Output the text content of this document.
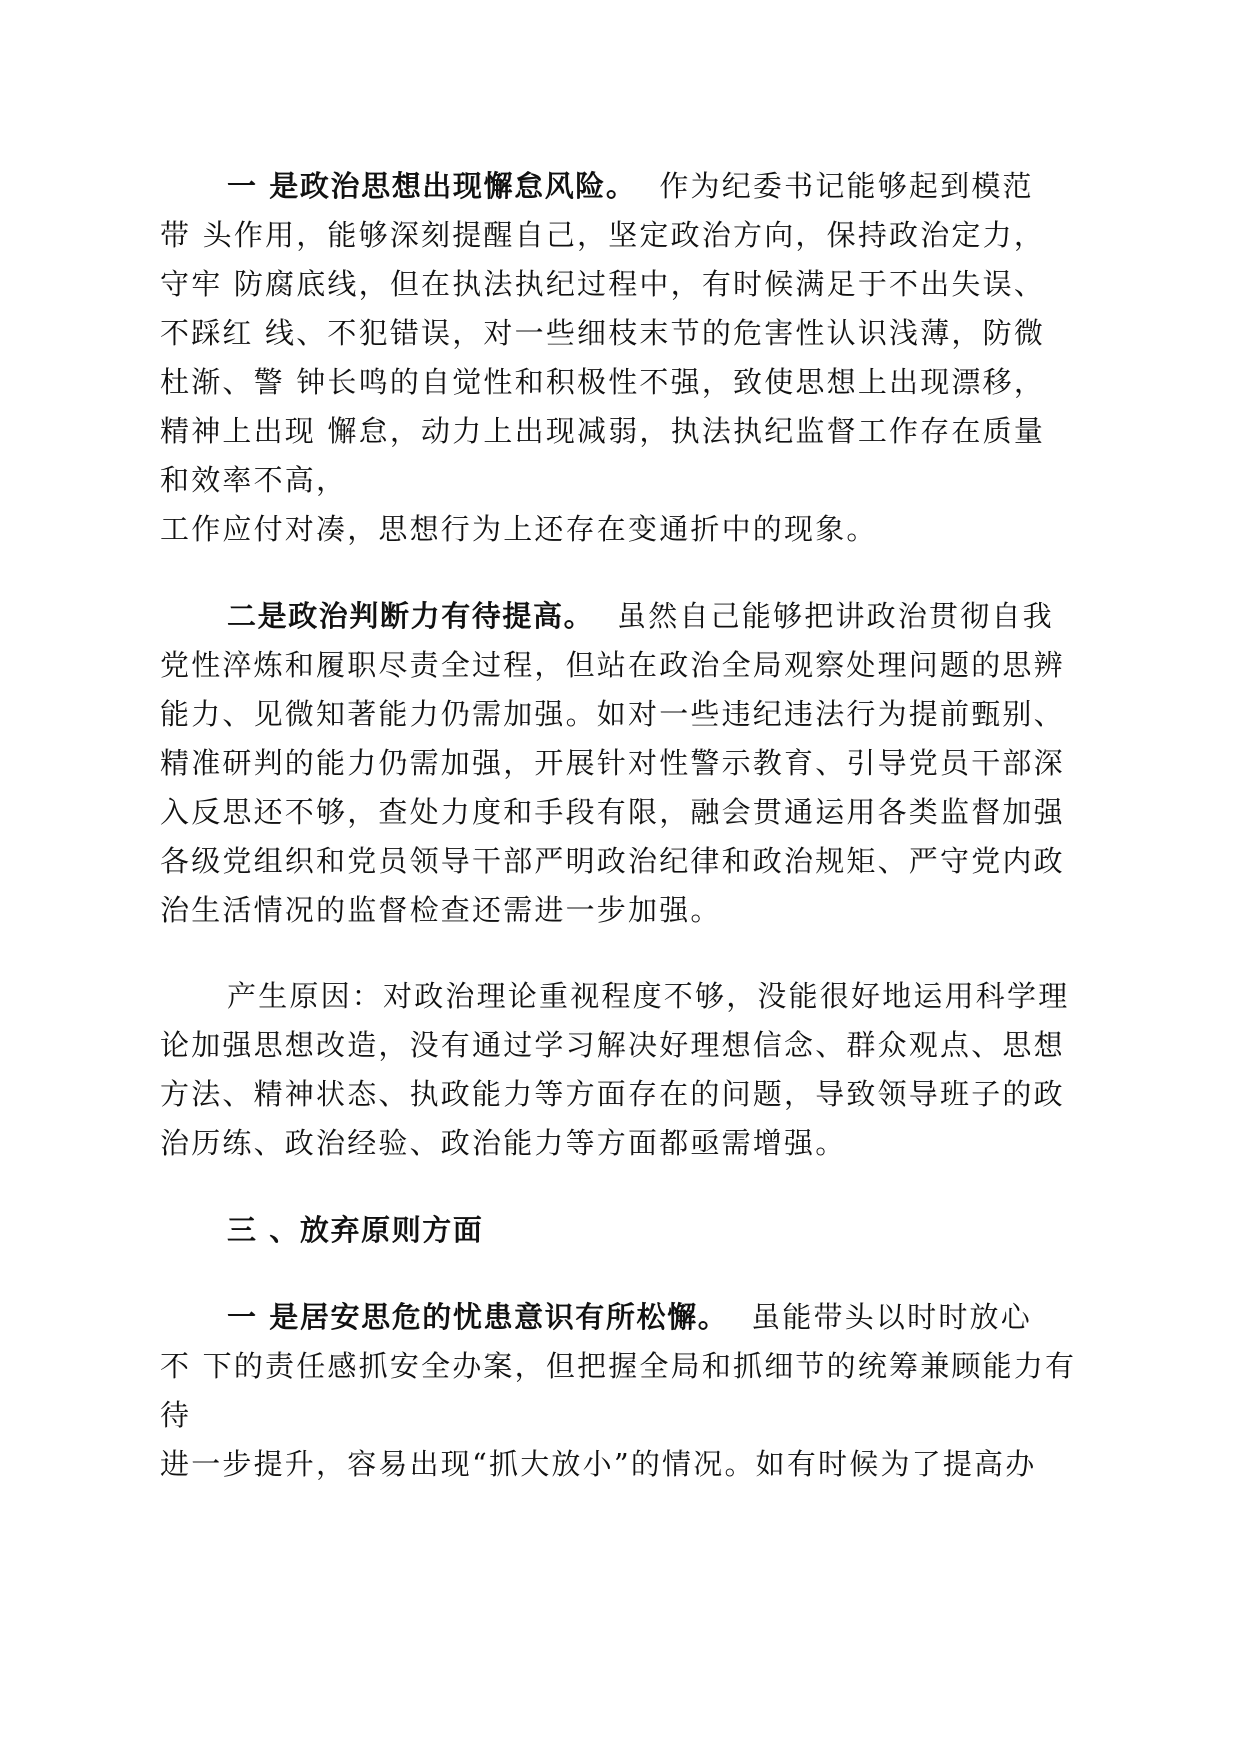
一 是政治思想出现懈怠风险。  作为纪委书记能够起到模范
带 头作用，能够深刻提醒自己，坚定政治方向，保持政治定力，
守牢 防腐底线，但在执法执纪过程中，有时候满足于不出失误、
不踩红 线、不犯错误，对一些细枝末节的危害性认识浅薄，防微
杜渐、警 钟长鸣的自觉性和积极性不强，致使思想上出现漂移，
精神上出现 懈怠，动力上出现减弱，执法执纪监督工作存在质量
和效率不高，
工作应付对凑，思想行为上还存在变通折中的现象。
二是政治判断力有待提高。  虽然自己能够把讲政治贯彻自我
党性淬炼和履职尽责全过程，但站在政治全局观察处理问题的思辨
能力、见微知著能力仍需加强。如对一些违纪违法行为提前甄别、
精准研判的能力仍需加强，开展针对性警示教育、引导党员干部深
入反思还不够，查处力度和手段有限，融会贯通运用各类监督加强
各级党组织和党员领导干部严明政治纪律和政治规矩、严守党内政
治生活情况的监督检查还需进一步加强。
产生原因：对政治理论重视程度不够，没能很好地运用科学理
论加强思想改造，没有通过学习解决好理想信念、群众观点、思想
方法、精神状态、执政能力等方面存在的问题，导致领导班子的政
治历练、政治经验、政治能力等方面都亟需增强。
三 、放弃原则方面
一 是居安思危的忧患意识有所松懈。  虽能带头以时时放心
不 下的责任感抓安全办案，但把握全局和抓细节的统筹兼顾能力有
待
进一步提升，容易出现“抓大放小”的情况。如有时候为了提高办
